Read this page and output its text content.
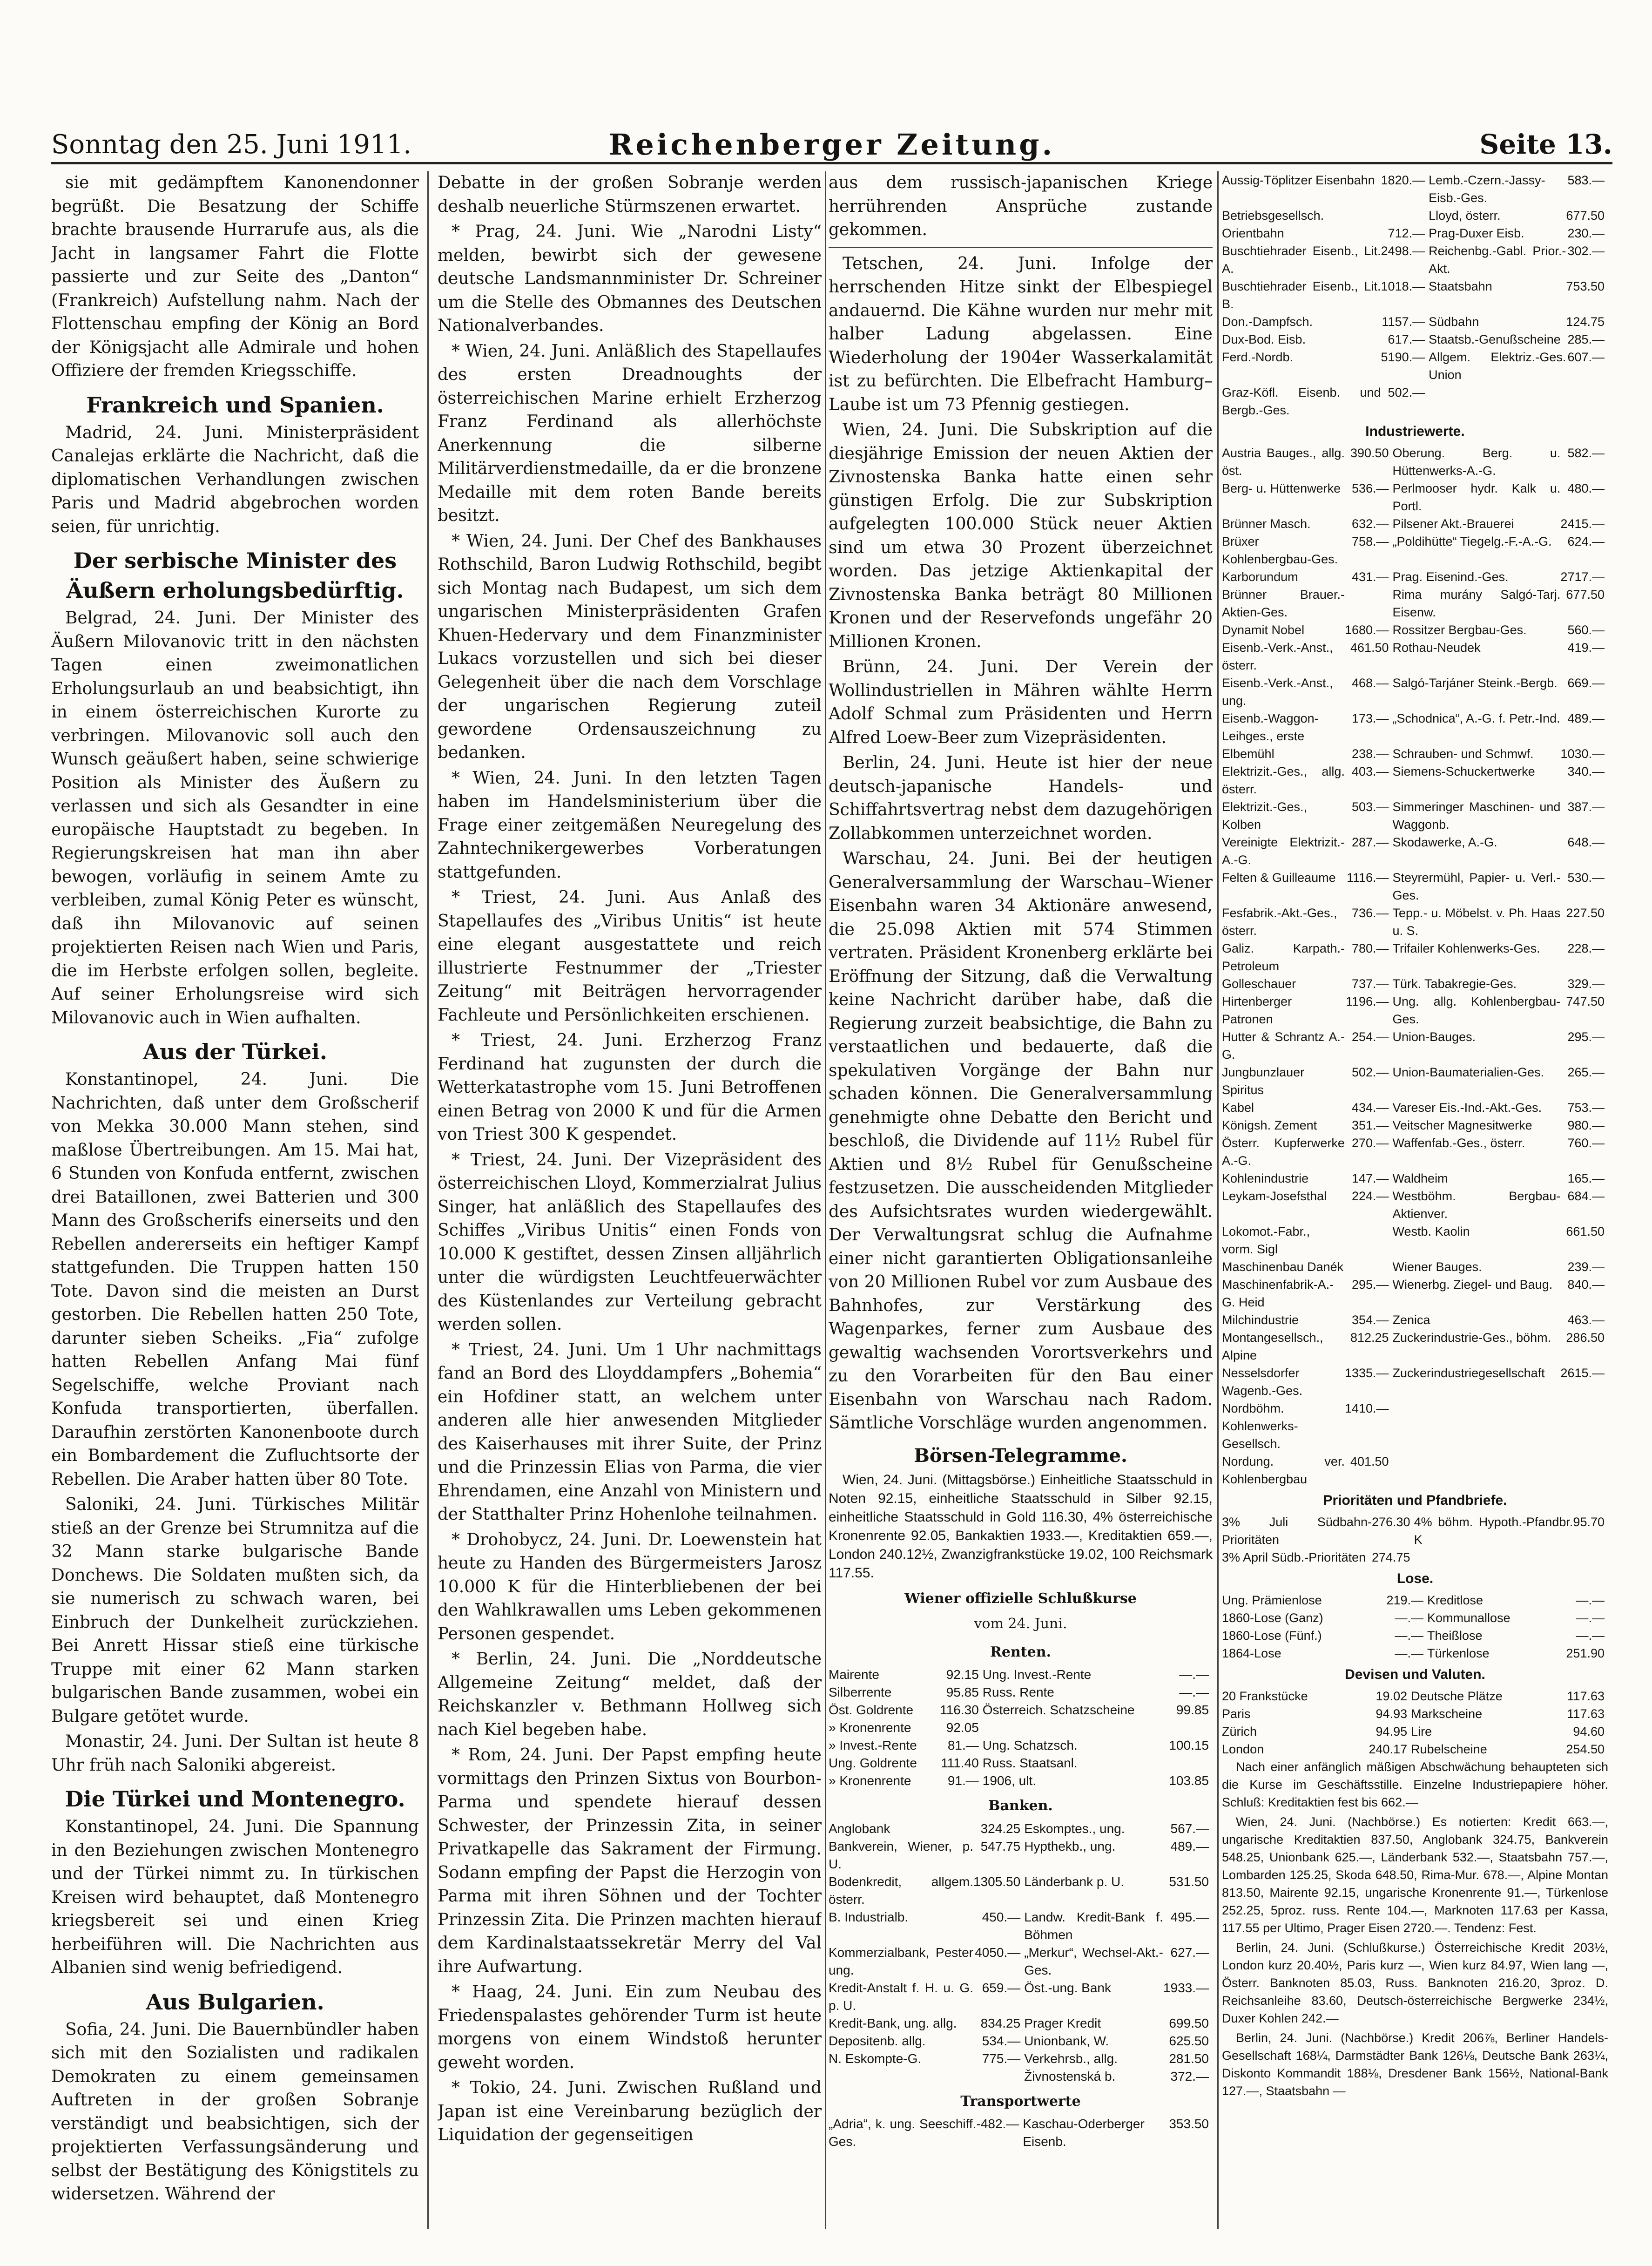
Sonntag den 25. Juni 1911.	Reichenberger Zeitung.	Seite 13.

sie mit gedämpftem Kanonendonner begrüßt. Die Besatzung der Schiffe brachte brausende Hurrarufe aus, als die Jacht in langsamer Fahrt die Flotte passierte und zur Seite des „Danton“ (Frankreich) Aufstellung nahm. Nach der Flottenschau empfing der König an Bord der Königsjacht alle Admirale und hohen Offiziere der fremden Kriegsschiffe.

Frankreich und Spanien.

Madrid, 24. Juni. Ministerpräsident Canalejas erklärte die Nachricht, daß die diplomatischen Verhandlungen zwischen Paris und Madrid abgebrochen worden seien, für unrichtig.

Der serbische Minister des
Äußern erholungsbedürftig.

Belgrad, 24. Juni. Der Minister des Äußern Milovanovic tritt in den nächsten Tagen einen zweimonatlichen Erholungsurlaub an und beabsichtigt, ihn in einem österreichischen Kurorte zu verbringen. Milovanovic soll auch den Wunsch geäußert haben, seine schwierige Position als Minister des Äußern zu verlassen und sich als Gesandter in eine europäische Hauptstadt zu begeben. In Regierungskreisen hat man ihn aber bewogen, vorläufig in seinem Amte zu verbleiben, zumal König Peter es wünscht, daß ihn Milovanovic auf seinen projektierten Reisen nach Wien und Paris, die im Herbste erfolgen sollen, begleite. Auf seiner Erholungsreise wird sich Milovanovic auch in Wien aufhalten.

Aus der Türkei.

Konstantinopel, 24. Juni. Die Nachrichten, daß unter dem Großscherif von Mekka 30.000 Mann stehen, sind maßlose Übertreibungen. Am 15. Mai hat, 6 Stunden von Konfuda entfernt, zwischen drei Bataillonen, zwei Batterien und 300 Mann des Großscherifs einerseits und den Rebellen andererseits ein heftiger Kampf stattgefunden. Die Truppen hatten 150 Tote. Davon sind die meisten an Durst gestorben. Die Rebellen hatten 250 Tote, darunter sieben Scheiks. „Fia“ zufolge hatten Rebellen Anfang Mai fünf Segelschiffe, welche Proviant nach Konfuda transportierten, überfallen. Daraufhin zerstörten Kanonenboote durch ein Bombardement die Zufluchtsorte der Rebellen. Die Araber hatten über 80 Tote.

Saloniki, 24. Juni. Türkisches Militär stieß an der Grenze bei Strumnitza auf die 32 Mann starke bulgarische Bande Donchews. Die Soldaten mußten sich, da sie numerisch zu schwach waren, bei Einbruch der Dunkelheit zurückziehen. Bei Anrett Hissar stieß eine türkische Truppe mit einer 62 Mann starken bulgarischen Bande zusammen, wobei ein Bulgare getötet wurde.

Monastir, 24. Juni. Der Sultan ist heute 8 Uhr früh nach Saloniki abgereist.

Die Türkei und Montenegro.

Konstantinopel, 24. Juni. Die Spannung in den Beziehungen zwischen Montenegro und der Türkei nimmt zu. In türkischen Kreisen wird behauptet, daß Montenegro kriegsbereit sei und einen Krieg herbeiführen will. Die Nachrichten aus Albanien sind wenig befriedigend.

Aus Bulgarien.

Sofia, 24. Juni. Die Bauernbündler haben sich mit den Sozialisten und radikalen Demokraten zu einem gemeinsamen Auftreten in der großen Sobranje verständigt und beabsichtigen, sich der projektierten Verfassungsänderung und selbst der Bestätigung des Königstitels zu widersetzen. Während der

Debatte in der großen Sobranje werden deshalb neuerliche Stürmszenen erwartet.

* Prag, 24. Juni. Wie „Narodni Listy“ melden, bewirbt sich der gewesene deutsche Landsmannminister Dr. Schreiner um die Stelle des Obmannes des Deutschen Nationalverbandes.

* Wien, 24. Juni. Anläßlich des Stapellaufes des ersten Dreadnoughts der österreichischen Marine erhielt Erzherzog Franz Ferdinand als allerhöchste Anerkennung die silberne Militärverdienstmedaille, da er die bronzene Medaille mit dem roten Bande bereits besitzt.

* Wien, 24. Juni. Der Chef des Bankhauses Rothschild, Baron Ludwig Rothschild, begibt sich Montag nach Budapest, um sich dem ungarischen Ministerpräsidenten Grafen Khuen-Hedervary und dem Finanzminister Lukacs vorzustellen und sich bei dieser Gelegenheit über die nach dem Vorschlage der ungarischen Regierung zuteil gewordene Ordensauszeichnung zu bedanken.

* Wien, 24. Juni. In den letzten Tagen haben im Handelsministerium über die Frage einer zeitgemäßen Neuregelung des Zahntechnikergewerbes Vorberatungen stattgefunden.

* Triest, 24. Juni. Aus Anlaß des Stapellaufes des „Viribus Unitis“ ist heute eine elegant ausgestattete und reich illustrierte Festnummer der „Triester Zeitung“ mit Beiträgen hervorragender Fachleute und Persönlichkeiten erschienen.

* Triest, 24. Juni. Erzherzog Franz Ferdinand hat zugunsten der durch die Wetterkatastrophe vom 15. Juni Betroffenen einen Betrag von 2000 K und für die Armen von Triest 300 K gespendet.

* Triest, 24. Juni. Der Vizepräsident des österreichischen Lloyd, Kommerzialrat Julius Singer, hat anläßlich des Stapellaufes des Schiffes „Viribus Unitis“ einen Fonds von 10.000 K gestiftet, dessen Zinsen alljährlich unter die würdigsten Leuchtfeuerwächter des Küstenlandes zur Verteilung gebracht werden sollen.

* Triest, 24. Juni. Um 1 Uhr nachmittags fand an Bord des Lloyddampfers „Bohemia“ ein Hofdiner statt, an welchem unter anderen alle hier anwesenden Mitglieder des Kaiserhauses mit ihrer Suite, der Prinz und die Prinzessin Elias von Parma, die vier Ehrendamen, eine Anzahl von Ministern und der Statthalter Prinz Hohenlohe teilnahmen.

* Drohobycz, 24. Juni. Dr. Loewenstein hat heute zu Handen des Bürgermeisters Jarosz 10.000 K für die Hinterbliebenen der bei den Wahlkrawallen ums Leben gekommenen Personen gespendet.

* Berlin, 24. Juni. Die „Norddeutsche Allgemeine Zeitung“ meldet, daß der Reichskanzler v. Bethmann Hollweg sich nach Kiel begeben habe.

* Rom, 24. Juni. Der Papst empfing heute vormittags den Prinzen Sixtus von Bourbon-Parma und spendete hierauf dessen Schwester, der Prinzessin Zita, in seiner Privatkapelle das Sakrament der Firmung. Sodann empfing der Papst die Herzogin von Parma mit ihren Söhnen und der Tochter Prinzessin Zita. Die Prinzen machten hierauf dem Kardinalstaatssekretär Merry del Val ihre Aufwartung.

* Haag, 24. Juni. Ein zum Neubau des Friedenspalastes gehörender Turm ist heute morgens von einem Windstoß herunter geweht worden.

* Tokio, 24. Juni. Zwischen Rußland und Japan ist eine Vereinbarung bezüglich der Liquidation der gegenseitigen

aus dem russisch-japanischen Kriege herrührenden Ansprüche zustande gekommen.

Tetschen, 24. Juni. Infolge der herrschenden Hitze sinkt der Elbespiegel andauernd. Die Kähne wurden nur mehr mit halber Ladung abgelassen. Eine Wiederholung der 1904er Wasserkalamität ist zu befürchten. Die Elbefracht Hamburg–Laube ist um 73 Pfennig gestiegen.

Wien, 24. Juni. Die Subskription auf die diesjährige Emission der neuen Aktien der Zivnostenska Banka hatte einen sehr günstigen Erfolg. Die zur Subskription aufgelegten 100.000 Stück neuer Aktien sind um etwa 30 Prozent überzeichnet worden. Das jetzige Aktienkapital der Zivnostenska Banka beträgt 80 Millionen Kronen und der Reservefonds ungefähr 20 Millionen Kronen.

Brünn, 24. Juni. Der Verein der Wollindustriellen in Mähren wählte Herrn Adolf Schmal zum Präsidenten und Herrn Alfred Loew-Beer zum Vizepräsidenten.

Berlin, 24. Juni. Heute ist hier der neue deutsch-japanische Handels- und Schiffahrtsvertrag nebst dem dazugehörigen Zollabkommen unterzeichnet worden.

Warschau, 24. Juni. Bei der heutigen Generalversammlung der Warschau–Wiener Eisenbahn waren 34 Aktionäre anwesend, die 25.098 Aktien mit 574 Stimmen vertraten. Präsident Kronenberg erklärte bei Eröffnung der Sitzung, daß die Verwaltung keine Nachricht darüber habe, daß die Regierung zurzeit beabsichtige, die Bahn zu verstaatlichen und bedauerte, daß die spekulativen Vorgänge der Bahn nur schaden können. Die Generalversammlung genehmigte ohne Debatte den Bericht und beschloß, die Dividende auf 11½ Rubel für Aktien und 8½ Rubel für Genußscheine festzusetzen. Die ausscheidenden Mitglieder des Aufsichtsrates wurden wiedergewählt. Der Verwaltungsrat schlug die Aufnahme einer nicht garantierten Obligationsanleihe von 20 Millionen Rubel vor zum Ausbaue des Bahnhofes, zur Verstärkung des Wagenparkes, ferner zum Ausbaue des gewaltig wachsenden Vorortsverkehrs und zu den Vorarbeiten für den Bau einer Eisenbahn von Warschau nach Radom. Sämtliche Vorschläge wurden angenommen.

Börsen-Telegramme.

Wien, 24. Juni. (Mittagsbörse.) Einheitliche Staatsschuld in Noten 92.15, einheitliche Staatsschuld in Silber 92.15, einheitliche Staatsschuld in Gold 116.30, 4% österreichische Kronenrente 92.05, Bankaktien 1933.—, Kreditaktien 659.—, London 240.12½, Zwanzigfrankstücke 19.02, 100 Reichsmark 117.55.

Wiener offizielle Schlußkurse
vom 24. Juni.
Renten.
Mairente	92.15	Ung. Invest.-Rente	—.—
Silberrente	95.85	Russ. Rente	—.—
Öst. Goldrente	116.30	Österreich. Schatzscheine	99.85
» Kronenrente	92.05		
» Invest.-Rente	81.—	Ung. Schatzsch.	100.15
Ung. Goldrente	111.40	Russ. Staatsanl.	
» Kronenrente	91.—	1906, ult.	103.85
Banken.
Anglobank	324.25	Eskomptes., ung.	567.—
Bankverein, Wiener, p. U.	547.75	Hypthekb., ung.	489.—
Bodenkredit, allgem. österr.	1305.50	Länderbank p. U.	531.50
B. Industrialb.	450.—	Landw. Kredit-Bank f. Böhmen	495.—
Kommerzialbank, Pester ung.	4050.—	„Merkur“, Wechsel-Akt.-Ges.	627.—
Kredit-Anstalt f. H. u. G. p. U.	659.—	Öst.-ung. Bank	1933.—
Kredit-Bank, ung. allg.	834.25	Prager Kredit	699.50
Depositenb. allg.	534.—	Unionbank, W.	625.50
N. Eskompte-G.	775.—	Verkehrsb., allg.	281.50
		Živnostenská b.	372.—
Transportwerte
„Adria“, k. ung. Seeschiff.-Ges.	482.—	Kaschau-Oderberger Eisenb.	353.50
Aussig-Töplitzer Eisenbahn	1820.—	Lemb.-Czern.-Jassy-Eisb.-Ges.	583.—
Betriebsgesellsch.		Lloyd, österr.	677.50
Orientbahn	712.—	Prag-Duxer Eisb.	230.—
Buschtiehrader Eisenb., Lit. A.	2498.—	Reichenbg.-Gabl. Prior.-Akt.	302.—
Buschtiehrader Eisenb., Lit. B.	1018.—	Staatsbahn	753.50
Don.-Dampfsch.	1157.—	Südbahn	124.75
Dux-Bod. Eisb.	617.—	Staatsb.-Genußscheine	285.—
Ferd.-Nordb.	5190.—	Allgem. Elektriz.-Ges. Union	607.—
Graz-Köfl. Eisenb. und Bergb.-Ges.	502.—		
Industriewerte.
Austria Bauges., allg. öst.	390.50	Oberung. Berg. u. Hüttenwerks-A.-G.	582.—
Berg- u. Hüttenwerke	536.—	Perlmooser hydr. Kalk u. Portl.	480.—
Brünner Masch.	632.—	Pilsener Akt.-Brauerei	2415.—
Brüxer Kohlenbergbau-Ges.	758.—	„Poldihütte“ Tiegelg.-F.-A.-G.	624.—
Karborundum	431.—	Prag. Eisenind.-Ges.	2717.—
Brünner Brauer.-Aktien-Ges.		Rima murány Salgó-Tarj. Eisenw.	677.50
Dynamit Nobel	1680.—	Rossitzer Bergbau-Ges.	560.—
Eisenb.-Verk.-Anst., österr.	461.50	Rothau-Neudek	419.—
Eisenb.-Verk.-Anst., ung.	468.—	Salgó-Tarjáner Steink.-Bergb.	669.—
Eisenb.-Waggon-Leihges., erste	173.—	„Schodnica“, A.-G. f. Petr.-Ind.	489.—
Elbemühl	238.—	Schrauben- und Schmwf.	1030.—
Elektrizit.-Ges., allg. österr.	403.—	Siemens-Schuckertwerke	340.—
Elektrizit.-Ges., Kolben	503.—	Simmeringer Maschinen- und Waggonb.	387.—
Vereinigte Elektrizit.-A.-G.	287.—	Skodawerke, A.-G.	648.—
Felten & Guilleaume	1116.—	Steyrermühl, Papier- u. Verl.-Ges.	530.—
Fesfabrik.-Akt.-Ges., österr.	736.—	Tepp.- u. Möbelst. v. Ph. Haas u. S.	227.50
Galiz. Karpath.-Petroleum	780.—	Trifailer Kohlenwerks-Ges.	228.—
Golleschauer	737.—	Türk. Tabakregie-Ges.	329.—
Hirtenberger Patronen	1196.—	Ung. allg. Kohlenbergbau-Ges.	747.50
Hutter & Schrantz A.-G.	254.—	Union-Bauges.	295.—
Jungbunzlauer Spiritus	502.—	Union-Baumaterialien-Ges.	265.—
Kabel	434.—	Vareser Eis.-Ind.-Akt.-Ges.	753.—
Königsh. Zement	351.—	Veitscher Magnesitwerke	980.—
Österr. Kupferwerke A.-G.	270.—	Waffenfab.-Ges., österr.	760.—
Kohlenindustrie	147.—	Waldheim	165.—
Leykam-Josefsthal	224.—	Westböhm. Bergbau-Aktienver.	684.—
Lokomot.-Fabr., vorm. Sigl		Westb. Kaolin	661.50
Maschinenbau Danék		Wiener Bauges.	239.—
Maschinenfabrik-A.-G. Heid	295.—	Wienerbg. Ziegel- und Baug.	840.—
Milchindustrie	354.—	Zenica	463.—
Montangesellsch., Alpine	812.25	Zuckerindustrie-Ges., böhm.	286.50
Nesselsdorfer Wagenb.-Ges.	1335.—	Zuckerindustriegesellschaft	2615.—
Nordböhm. Kohlenwerks-Gesellsch.	1410.—		
Nordung. ver. Kohlenbergbau	401.50		
Prioritäten und Pfandbriefe.
3% Juli Südbahn-Prioritäten	276.30	4% böhm. Hypoth.-Pfandbr. K	95.70
3% April Südb.-Prioritäten	274.75		
Lose.
Ung. Prämienlose	219.—	Kreditlose	—.—
1860-Lose (Ganz)	—.—	Kommunallose	—.—
1860-Lose (Fünf.)	—.—	Theißlose	—.—
1864-Lose	—.—	Türkenlose	251.90
Devisen und Valuten.
20 Frankstücke	19.02	Deutsche Plätze	117.63
Paris	94.93	Markscheine	117.63
Zürich	94.95	Lire	94.60
London	240.17	Rubelscheine	254.50

Nach einer anfänglich mäßigen Abschwächung behaupteten sich die Kurse im Geschäftsstille. Einzelne Industriepapiere höher. Schluß: Kreditaktien fest bis 662.—

Wien, 24. Juni. (Nachbörse.) Es notierten: Kredit 663.—, ungarische Kreditaktien 837.50, Anglobank 324.75, Bankverein 548.25, Unionbank 625.—, Länderbank 532.—, Staatsbahn 757.—, Lombarden 125.25, Skoda 648.50, Rima-Mur. 678.—, Alpine Montan 813.50, Mairente 92.15, ungarische Kronenrente 91.—, Türkenlose 252.25, 5proz. russ. Rente 104.—, Marknoten 117.63 per Kassa, 117.55 per Ultimo, Prager Eisen 2720.—. Tendenz: Fest.

Berlin, 24. Juni. (Schlußkurse.) Österreichische Kredit 203½, London kurz 20.40½, Paris kurz —, Wien kurz 84.97, Wien lang —, Österr. Banknoten 85.03, Russ. Banknoten 216.20, 3proz. D. Reichsanleihe 83.60, Deutsch-österreichische Bergwerke 234½, Duxer Kohlen 242.—

Berlin, 24. Juni. (Nachbörse.) Kredit 206⅞, Berliner Handels-Gesellschaft 168¼, Darmstädter Bank 126⅛, Deutsche Bank 263¼, Diskonto Kommandit 188⅛, Dresdener Bank 156½, National-Bank 127.—, Staatsbahn —
